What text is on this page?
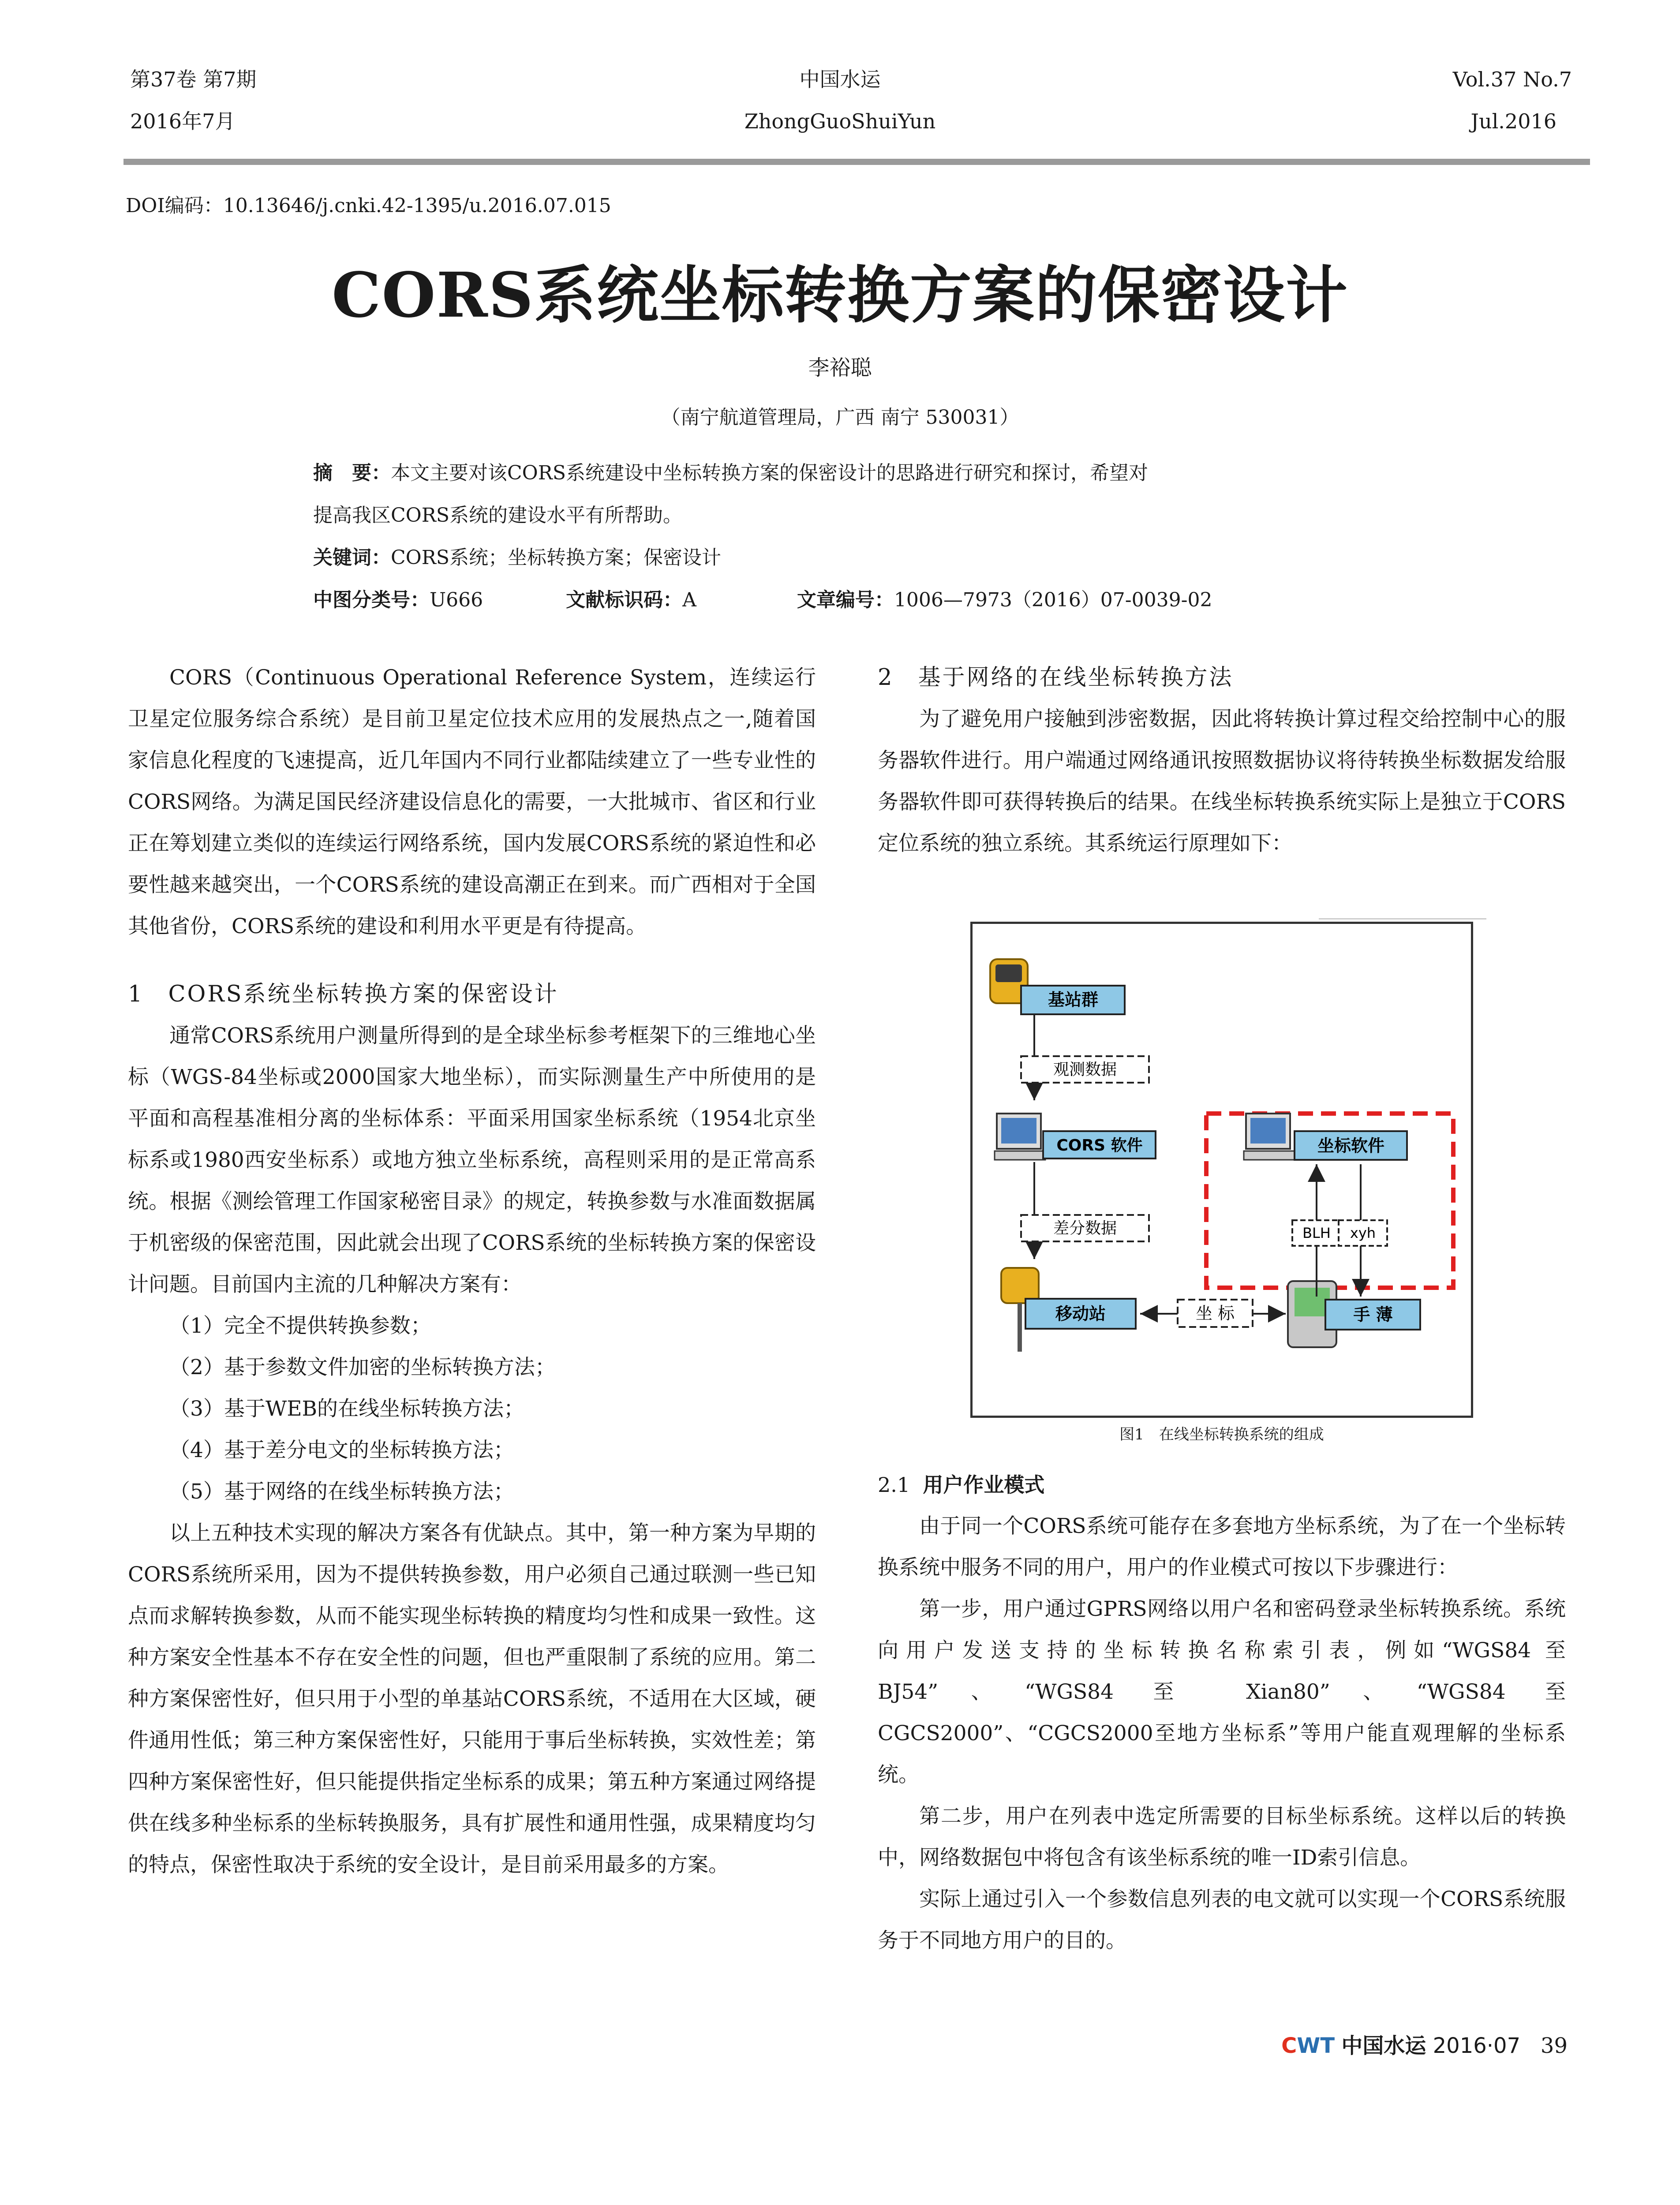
第37卷 第7期
2016年7月
中国水运
ZhongGuoShuiYun
Vol.37 No.7
Jul.2016
DOI编码：10.13646/j.cnki.42-1395/u.2016.07.015
CORS系统坐标转换方案的保密设计
李裕聪
（南宁航道管理局，广西 南宁 530031）
摘　要：本文主要对该CORS系统建设中坐标转换方案的保密设计的思路进行研究和探讨，希望对
提高我区CORS系统的建设水平有所帮助。
关键词：CORS系统；坐标转换方案；保密设计
中图分类号：U666	文献标识码：A	文章编号：1006—7973（2016）07-0039-02

CORS（Continuous Operational Reference System，连续运行卫星定位服务综合系统）是目前卫星定位技术应用的发展热点之一,随着国家信息化程度的飞速提高，近几年国内不同行业都陆续建立了一些专业性的CORS网络。为满足国民经济建设信息化的需要，一大批城市、省区和行业正在筹划建立类似的连续运行网络系统，国内发展CORS系统的紧迫性和必要性越来越突出，一个CORS系统的建设高潮正在到来。而广西相对于全国其他省份，CORS系统的建设和利用水平更是有待提高。

1　CORS系统坐标转换方案的保密设计

通常CORS系统用户测量所得到的是全球坐标参考框架下的三维地心坐标（WGS-84坐标或2000国家大地坐标），而实际测量生产中所使用的是平面和高程基准相分离的坐标体系：平面采用国家坐标系统（1954北京坐标系或1980西安坐标系）或地方独立坐标系统，高程则采用的是正常高系统。根据《测绘管理工作国家秘密目录》的规定，转换参数与水准面数据属于机密级的保密范围，因此就会出现了CORS系统的坐标转换方案的保密设计问题。目前国内主流的几种解决方案有：

（1）完全不提供转换参数；

（2）基于参数文件加密的坐标转换方法；

（3）基于WEB的在线坐标转换方法；

（4）基于差分电文的坐标转换方法；

（5）基于网络的在线坐标转换方法；

以上五种技术实现的解决方案各有优缺点。其中，第一种方案为早期的CORS系统所采用，因为不提供转换参数，用户必须自己通过联测一些已知点而求解转换参数，从而不能实现坐标转换的精度均匀性和成果一致性。这种方案安全性基本不存在安全性的问题，但也严重限制了系统的应用。第二种方案保密性好，但只用于小型的单基站CORS系统，不适用在大区域，硬件通用性低；第三种方案保密性好，只能用于事后坐标转换，实效性差；第四种方案保密性好，但只能提供指定坐标系的成果；第五种方案通过网络提供在线多种坐标系的坐标转换服务，具有扩展性和通用性强，成果精度均匀的特点，保密性取决于系统的安全设计，是目前采用最多的方案。

2　基于网络的在线坐标转换方法

为了避免用户接触到涉密数据，因此将转换计算过程交给控制中心的服务器软件进行。用户端通过网络通讯按照数据协议将待转换坐标数据发给服务器软件即可获得转换后的结果。在线坐标转换系统实际上是独立于CORS定位系统的独立系统。其系统运行原理如下：

基站群
观测数据
CORS 软件
差分数据
移动站	坐 标	手 薄
坐标软件
BLH xyh
图1　在线坐标转换系统的组成
2.1 用户作业模式

由于同一个CORS系统可能存在多套地方坐标系统，为了在一个坐标转换系统中服务不同的用户，用户的作业模式可按以下步骤进行：

第一步，用户通过GPRS网络以用户名和密码登录坐标转换系统。系统向用户发送支持的坐标转换名称索引表，例如“WGS84 至 BJ54”、“WGS84 至 Xian80”、“WGS84 至 CGCS2000”、“CGCS2000至地方坐标系”等用户能直观理解的坐标系统。

第二步，用户在列表中选定所需要的目标坐标系统。这样以后的转换中，网络数据包中将包含有该坐标系统的唯一ID索引信息。

实际上通过引入一个参数信息列表的电文就可以实现一个CORS系统服务于不同地方用户的目的。

CWT 中国水运 2016·07 39
